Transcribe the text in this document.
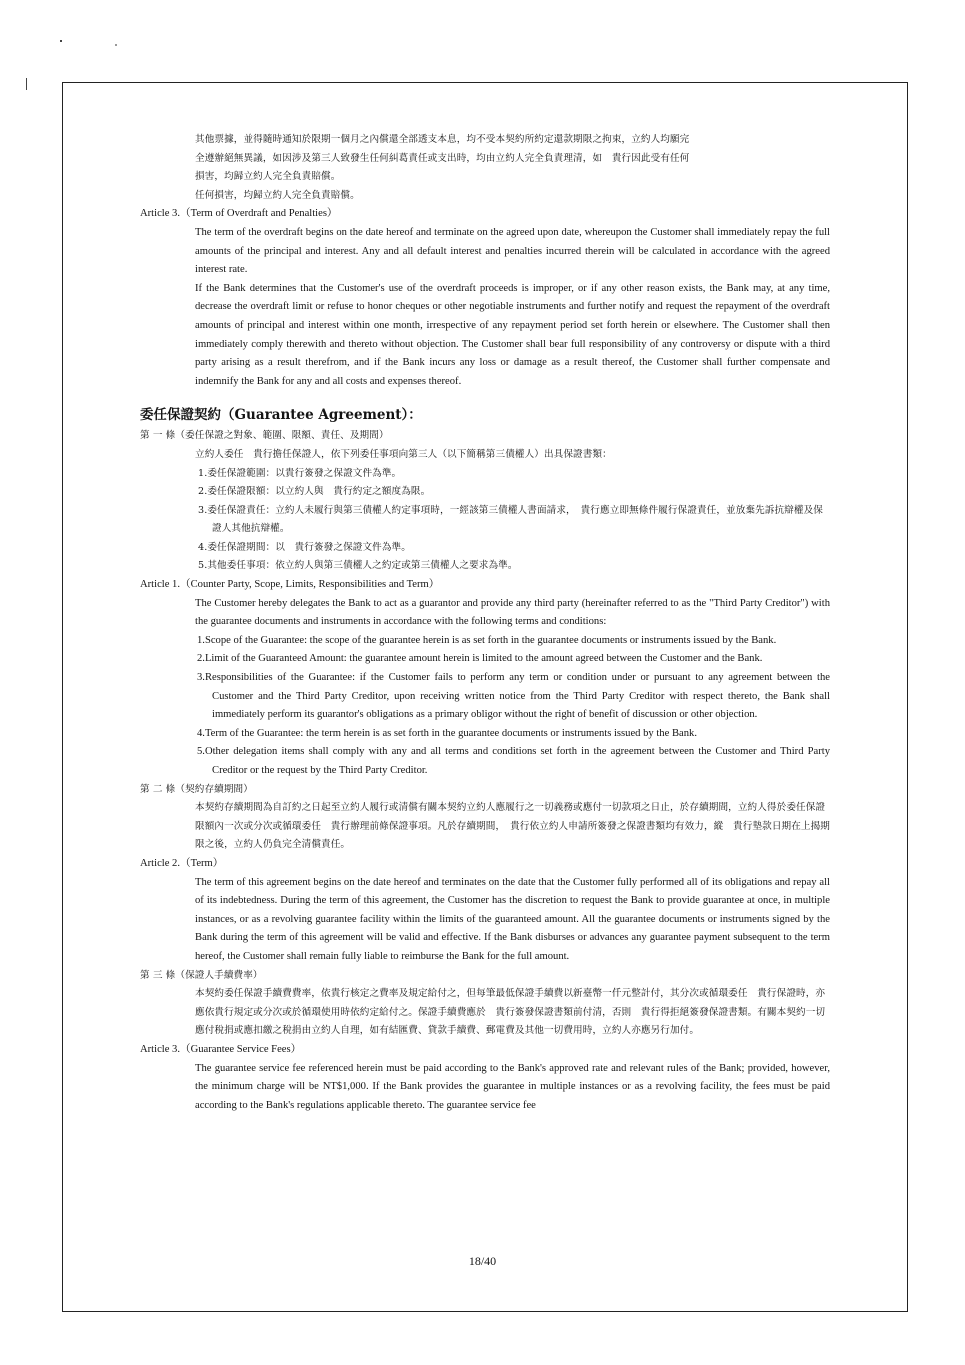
其他票據，並得隨時通知於限期一個月之內償還全部透支本息，均不受本契約所約定還款期限之拘束，立約人均願完

全遵辦絕無異議，如因涉及第三人致發生任何糾葛責任或支出時，均由立約人完全負責理清，如　貴行因此受有任何

損害，均歸立約人完全負責賠償。

任何損害，均歸立約人完全負責賠償。

Article 3.（Term of Overdraft and Penalties）

The term of the overdraft begins on the date hereof and terminate on the agreed upon date, whereupon the Customer shall immediately repay the full amounts of the principal and interest. Any and all default interest and penalties incurred therein will be calculated in accordance with the agreed interest rate.

If the Bank determines that the Customer's use of the overdraft proceeds is improper, or if any other reason exists, the Bank may, at any time, decrease the overdraft limit or refuse to honor cheques or other negotiable instruments and further notify and request the repayment of the overdraft amounts of principal and interest within one month, irrespective of any repayment period set forth herein or elsewhere. The Customer shall then immediately comply therewith and thereto without objection. The Customer shall bear full responsibility of any controversy or dispute with a third party arising as a result therefrom, and if the Bank incurs any loss or damage as a result thereof, the Customer shall further compensate and indemnify the Bank for any and all costs and expenses thereof.

委任保證契約（Guarantee Agreement）：

第 一 條（委任保證之對象、範圍、限額、責任、及期間）

立約人委任　貴行擔任保證人，依下列委任事項向第三人（以下簡稱第三債權人）出具保證書類：

1.委任保證範圍：以貴行簽發之保證文件為準。

2.委任保證限額：以立約人與　貴行約定之額度為限。

3.委任保證責任：立約人未履行與第三債權人約定事項時，一經該第三債權人書面請求，　貴行應立即無條件履行保證責任，並放棄先訴抗辯權及保證人其他抗辯權。

4.委任保證期間：以　貴行簽發之保證文件為準。

5.其他委任事項：依立約人與第三債權人之約定或第三債權人之要求為準。

Article 1.（Counter Party, Scope, Limits, Responsibilities and Term）

The Customer hereby delegates the Bank to act as a guarantor and provide any third party (hereinafter referred to as the "Third Party Creditor") with the guarantee documents and instruments in accordance with the following terms and conditions:

1.Scope of the Guarantee: the scope of the guarantee herein is as set forth in the guarantee documents or instruments issued by the Bank.

2.Limit of the Guaranteed Amount: the guarantee amount herein is limited to the amount agreed between the Customer and the Bank.

3.Responsibilities of the Guarantee: if the Customer fails to perform any term or condition under or pursuant to any agreement between the Customer and the Third Party Creditor, upon receiving written notice from the Third Party Creditor with respect thereto, the Bank shall immediately perform its guarantor's obligations as a primary obligor without the right of benefit of discussion or other objection.

4.Term of the Guarantee: the term herein is as set forth in the guarantee documents or instruments issued by the Bank.

5.Other delegation items shall comply with any and all terms and conditions set forth in the agreement between the Customer and Third Party Creditor or the request by the Third Party Creditor.

第 二 條（契約存續期間）

本契約存續期間為自訂約之日起至立約人履行或清償有關本契約立約人應履行之一切義務或應付一切款項之日止，於存續期間，立約人得於委任保證限額內一次或分次或循環委任　貴行辦理前條保證事項。凡於存續期間，　貴行依立約人申請所簽發之保證書類均有效力，縱　貴行墊款日期在上揭期限之後，立約人仍負完全清償責任。

Article 2.（Term）

The term of this agreement begins on the date hereof and terminates on the date that the Customer fully performed all of its obligations and repay all of its indebtedness. During the term of this agreement, the Customer has the discretion to request the Bank to provide guarantee at once, in multiple instances, or as a revolving guarantee facility within the limits of the guaranteed amount. All the guarantee documents or instruments signed by the Bank during the term of this agreement will be valid and effective. If the Bank disburses or advances any guarantee payment subsequent to the term hereof, the Customer shall remain fully liable to reimburse the Bank for the full amount.

第 三 條（保證人手續費率）

本契約委任保證手續費費率，依貴行核定之費率及規定給付之，但每筆最低保證手續費以新臺幣一仟元整計付，其分次或循環委任　貴行保證時，亦應依貴行規定或分次或於循環使用時依約定給付之。保證手續費應於　貴行簽發保證書類前付清，否則　貴行得拒絕簽發保證書類。有關本契約一切應付稅捐或應扣繳之稅捐由立約人自理，如有結匯費、貸款手續費、郵電費及其他一切費用時，立約人亦應另行加付。

Article 3.（Guarantee Service Fees）

The guarantee service fee referenced herein must be paid according to the Bank's approved rate and relevant rules of the Bank; provided, however, the minimum charge will be NT$1,000. If the Bank provides the guarantee in multiple instances or as a revolving facility, the fees must be paid according to the Bank's regulations applicable thereto. The guarantee service fee

18/40
